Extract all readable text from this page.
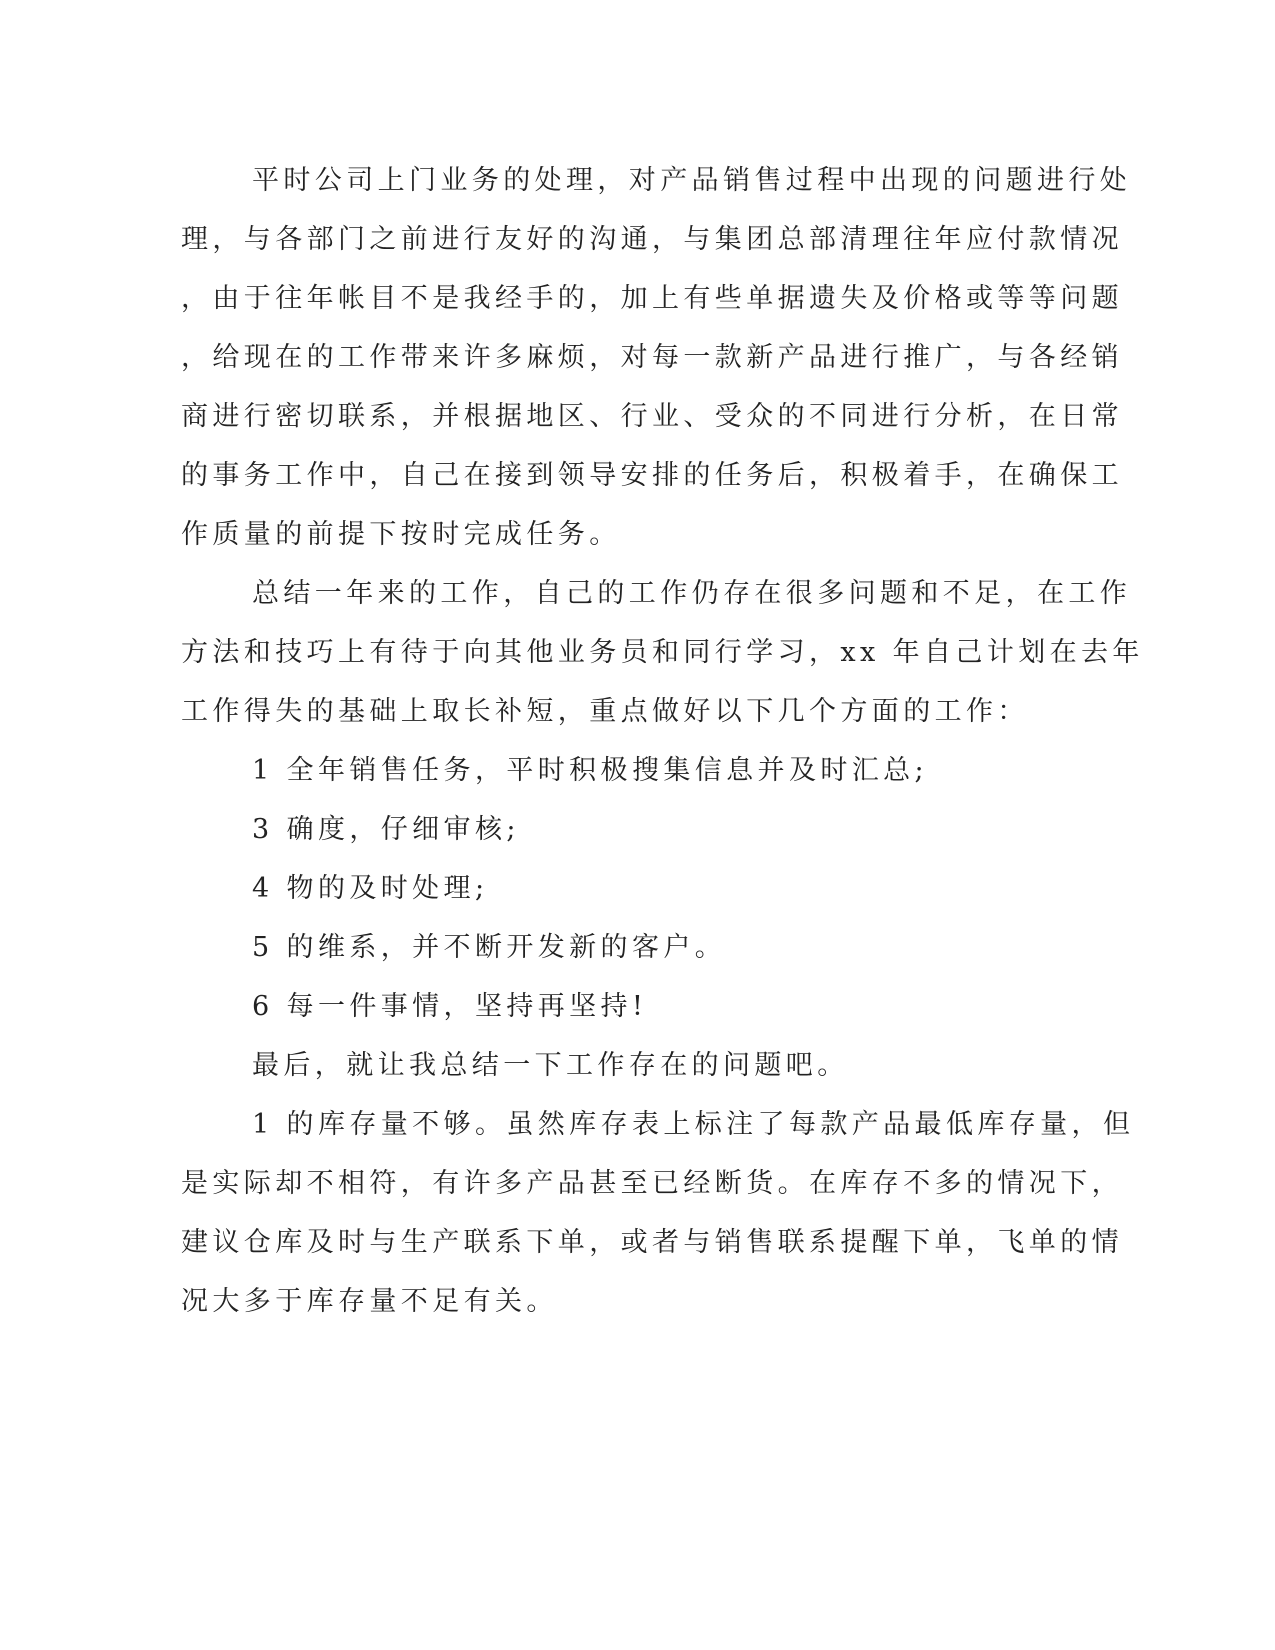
平时公司上门业务的处理，对产品销售过程中出现的问题进行处
理，与各部门之前进行友好的沟通，与集团总部清理往年应付款情况
，由于往年帐目不是我经手的，加上有些单据遗失及价格或等等问题
，给现在的工作带来许多麻烦，对每一款新产品进行推广，与各经销
商进行密切联系，并根据地区、行业、受众的不同进行分析，在日常
的事务工作中，自己在接到领导安排的任务后，积极着手，在确保工
作质量的前提下按时完成任务。
总结一年来的工作，自己的工作仍存在很多问题和不足，在工作
方法和技巧上有待于向其他业务员和同行学习，xx 年自己计划在去年
工作得失的基础上取长补短，重点做好以下几个方面的工作：
1 全年销售任务，平时积极搜集信息并及时汇总;
3 确度，仔细审核;
4 物的及时处理;
5 的维系，并不断开发新的客户。
6 每一件事情，坚持再坚持!
最后，就让我总结一下工作存在的问题吧。
1 的库存量不够。虽然库存表上标注了每款产品最低库存量，但
是实际却不相符，有许多产品甚至已经断货。在库存不多的情况下，
建议仓库及时与生产联系下单，或者与销售联系提醒下单，飞单的情
况大多于库存量不足有关。
